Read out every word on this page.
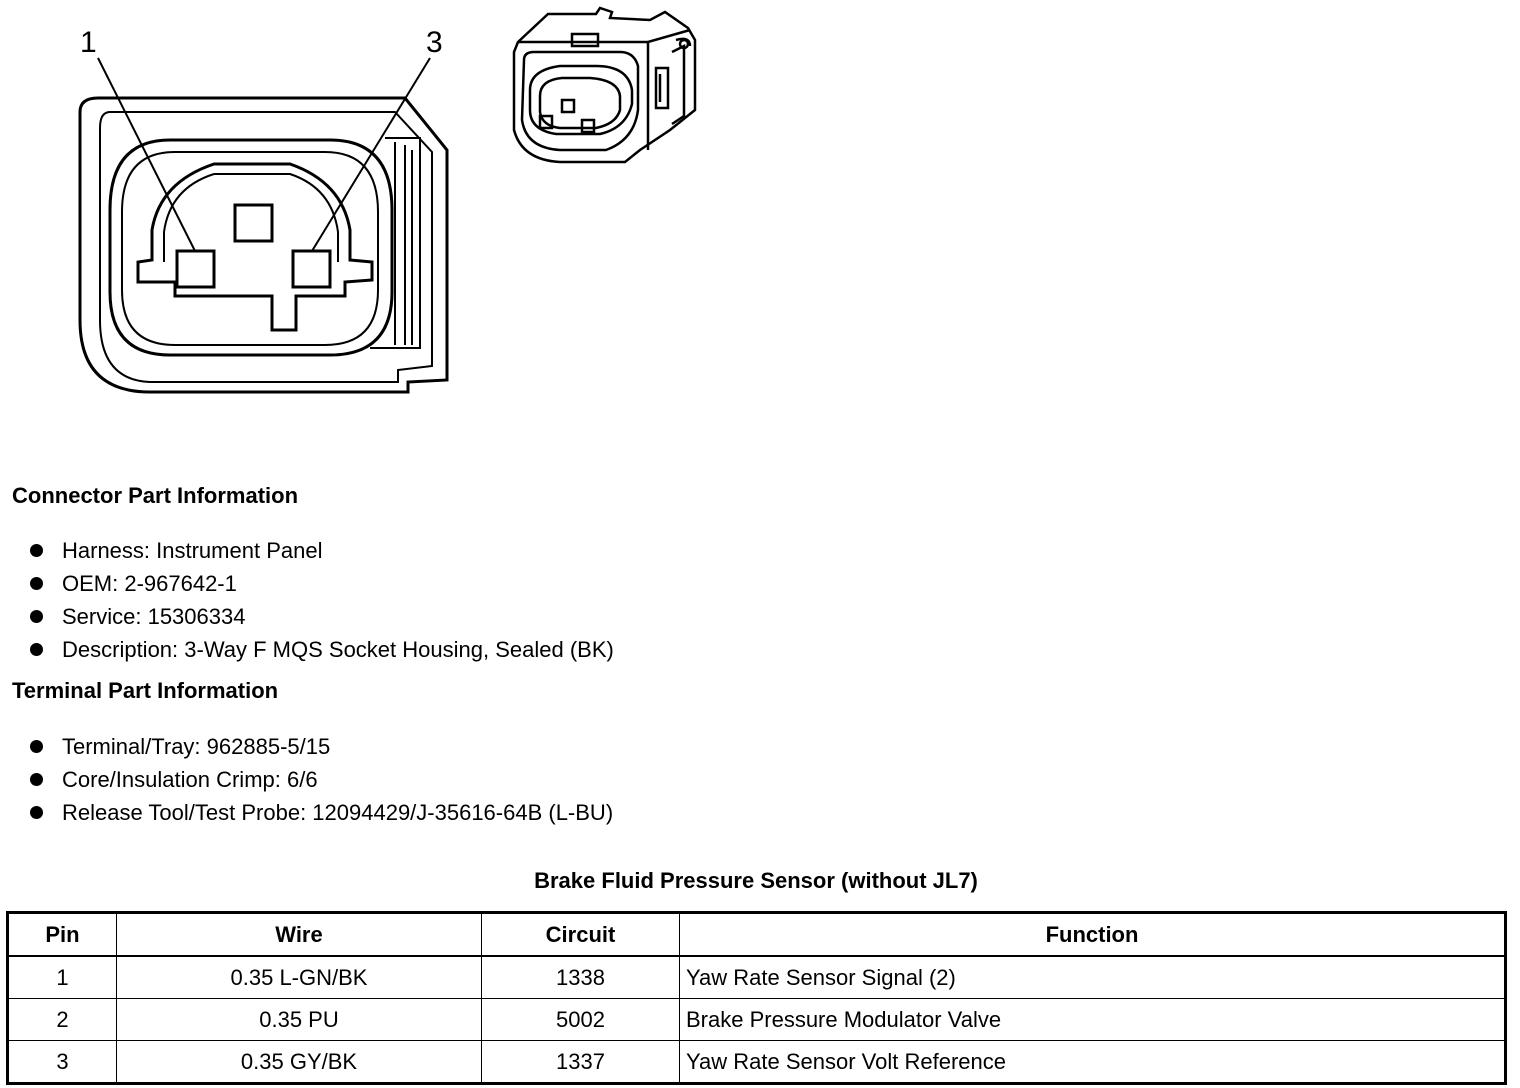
1	3
Connector Part Information
Harness: Instrument Panel
OEM: 2-967642-1
Service: 15306334
Description: 3-Way F MQS Socket Housing, Sealed (BK)
Terminal Part Information
Terminal/Tray: 962885-5/15
Core/Insulation Crimp: 6/6
Release Tool/Test Probe: 12094429/J-35616-64B (L-BU)
Brake Fluid Pressure Sensor (without JL7)
Pin	Wire	Circuit	Function
1	0.35 L-GN/BK	1338	Yaw Rate Sensor Signal (2)
2	0.35 PU	5002	Brake Pressure Modulator Valve
3	0.35 GY/BK	1337	Yaw Rate Sensor Volt Reference
